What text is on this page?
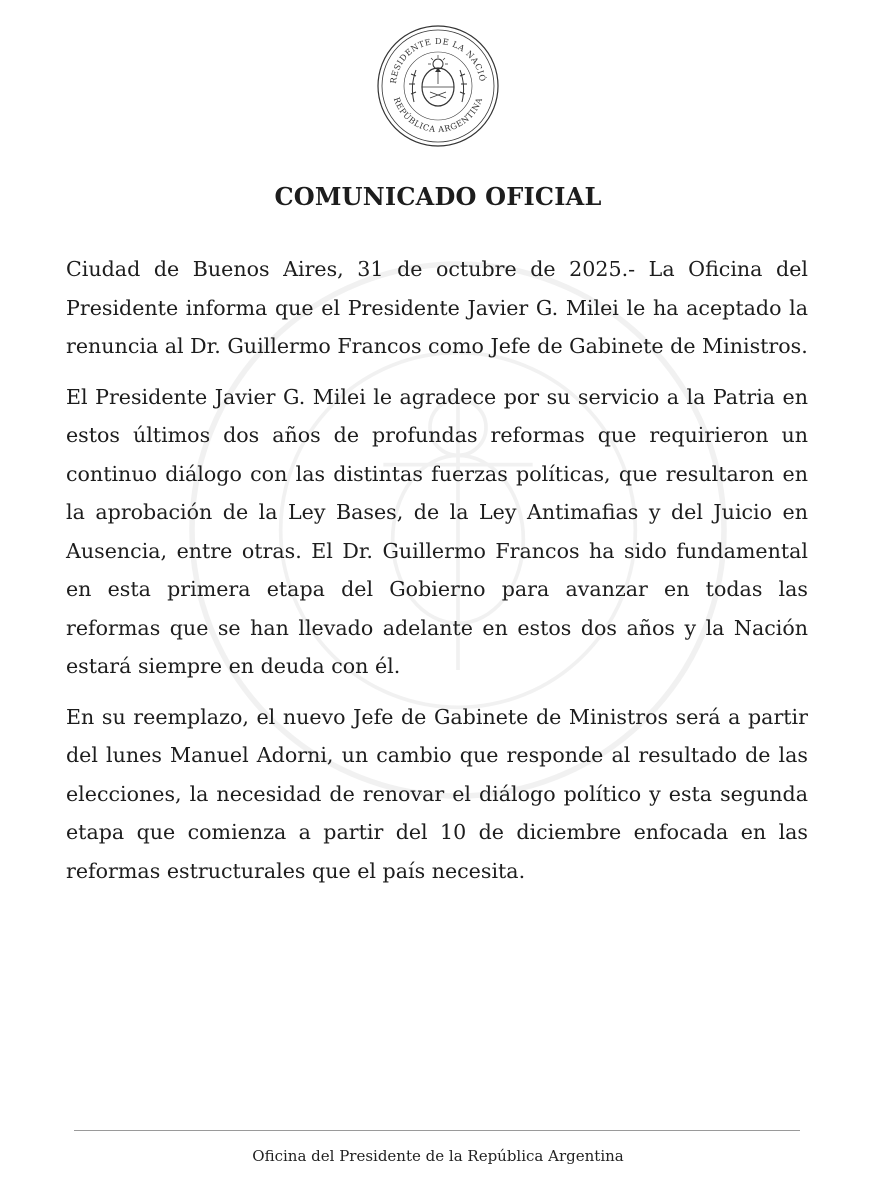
RESIDENTE DE LA NACIÓ
REPÚBLICA ARGENTINA
COMUNICADO OFICIAL

Ciudad de Buenos Aires, 31 de octubre de 2025.- La Oficina del Presidente informa que el Presidente Javier G. Milei le ha aceptado la renuncia al Dr. Guillermo Francos como Jefe de Gabinete de Ministros.

El Presidente Javier G. Milei le agradece por su servicio a la Patria en estos últimos dos años de profundas reformas que requirieron un continuo diálogo con las distintas fuerzas políticas, que resultaron en la aprobación de la Ley Bases, de la Ley Antimafias y del Juicio en Ausencia, entre otras. El Dr. Guillermo Francos ha sido fundamental en esta primera etapa del Gobierno para avanzar en todas las reformas que se han llevado adelante en estos dos años y la Nación estará siempre en deuda con él.

En su reemplazo, el nuevo Jefe de Gabinete de Ministros será a partir del lunes Manuel Adorni, un cambio que responde al resultado de las elecciones, la necesidad de renovar el diálogo político y esta segunda etapa que comienza a partir del 10 de diciembre enfocada en las reformas estructurales que el país necesita.

Oficina del Presidente de la República Argentina
